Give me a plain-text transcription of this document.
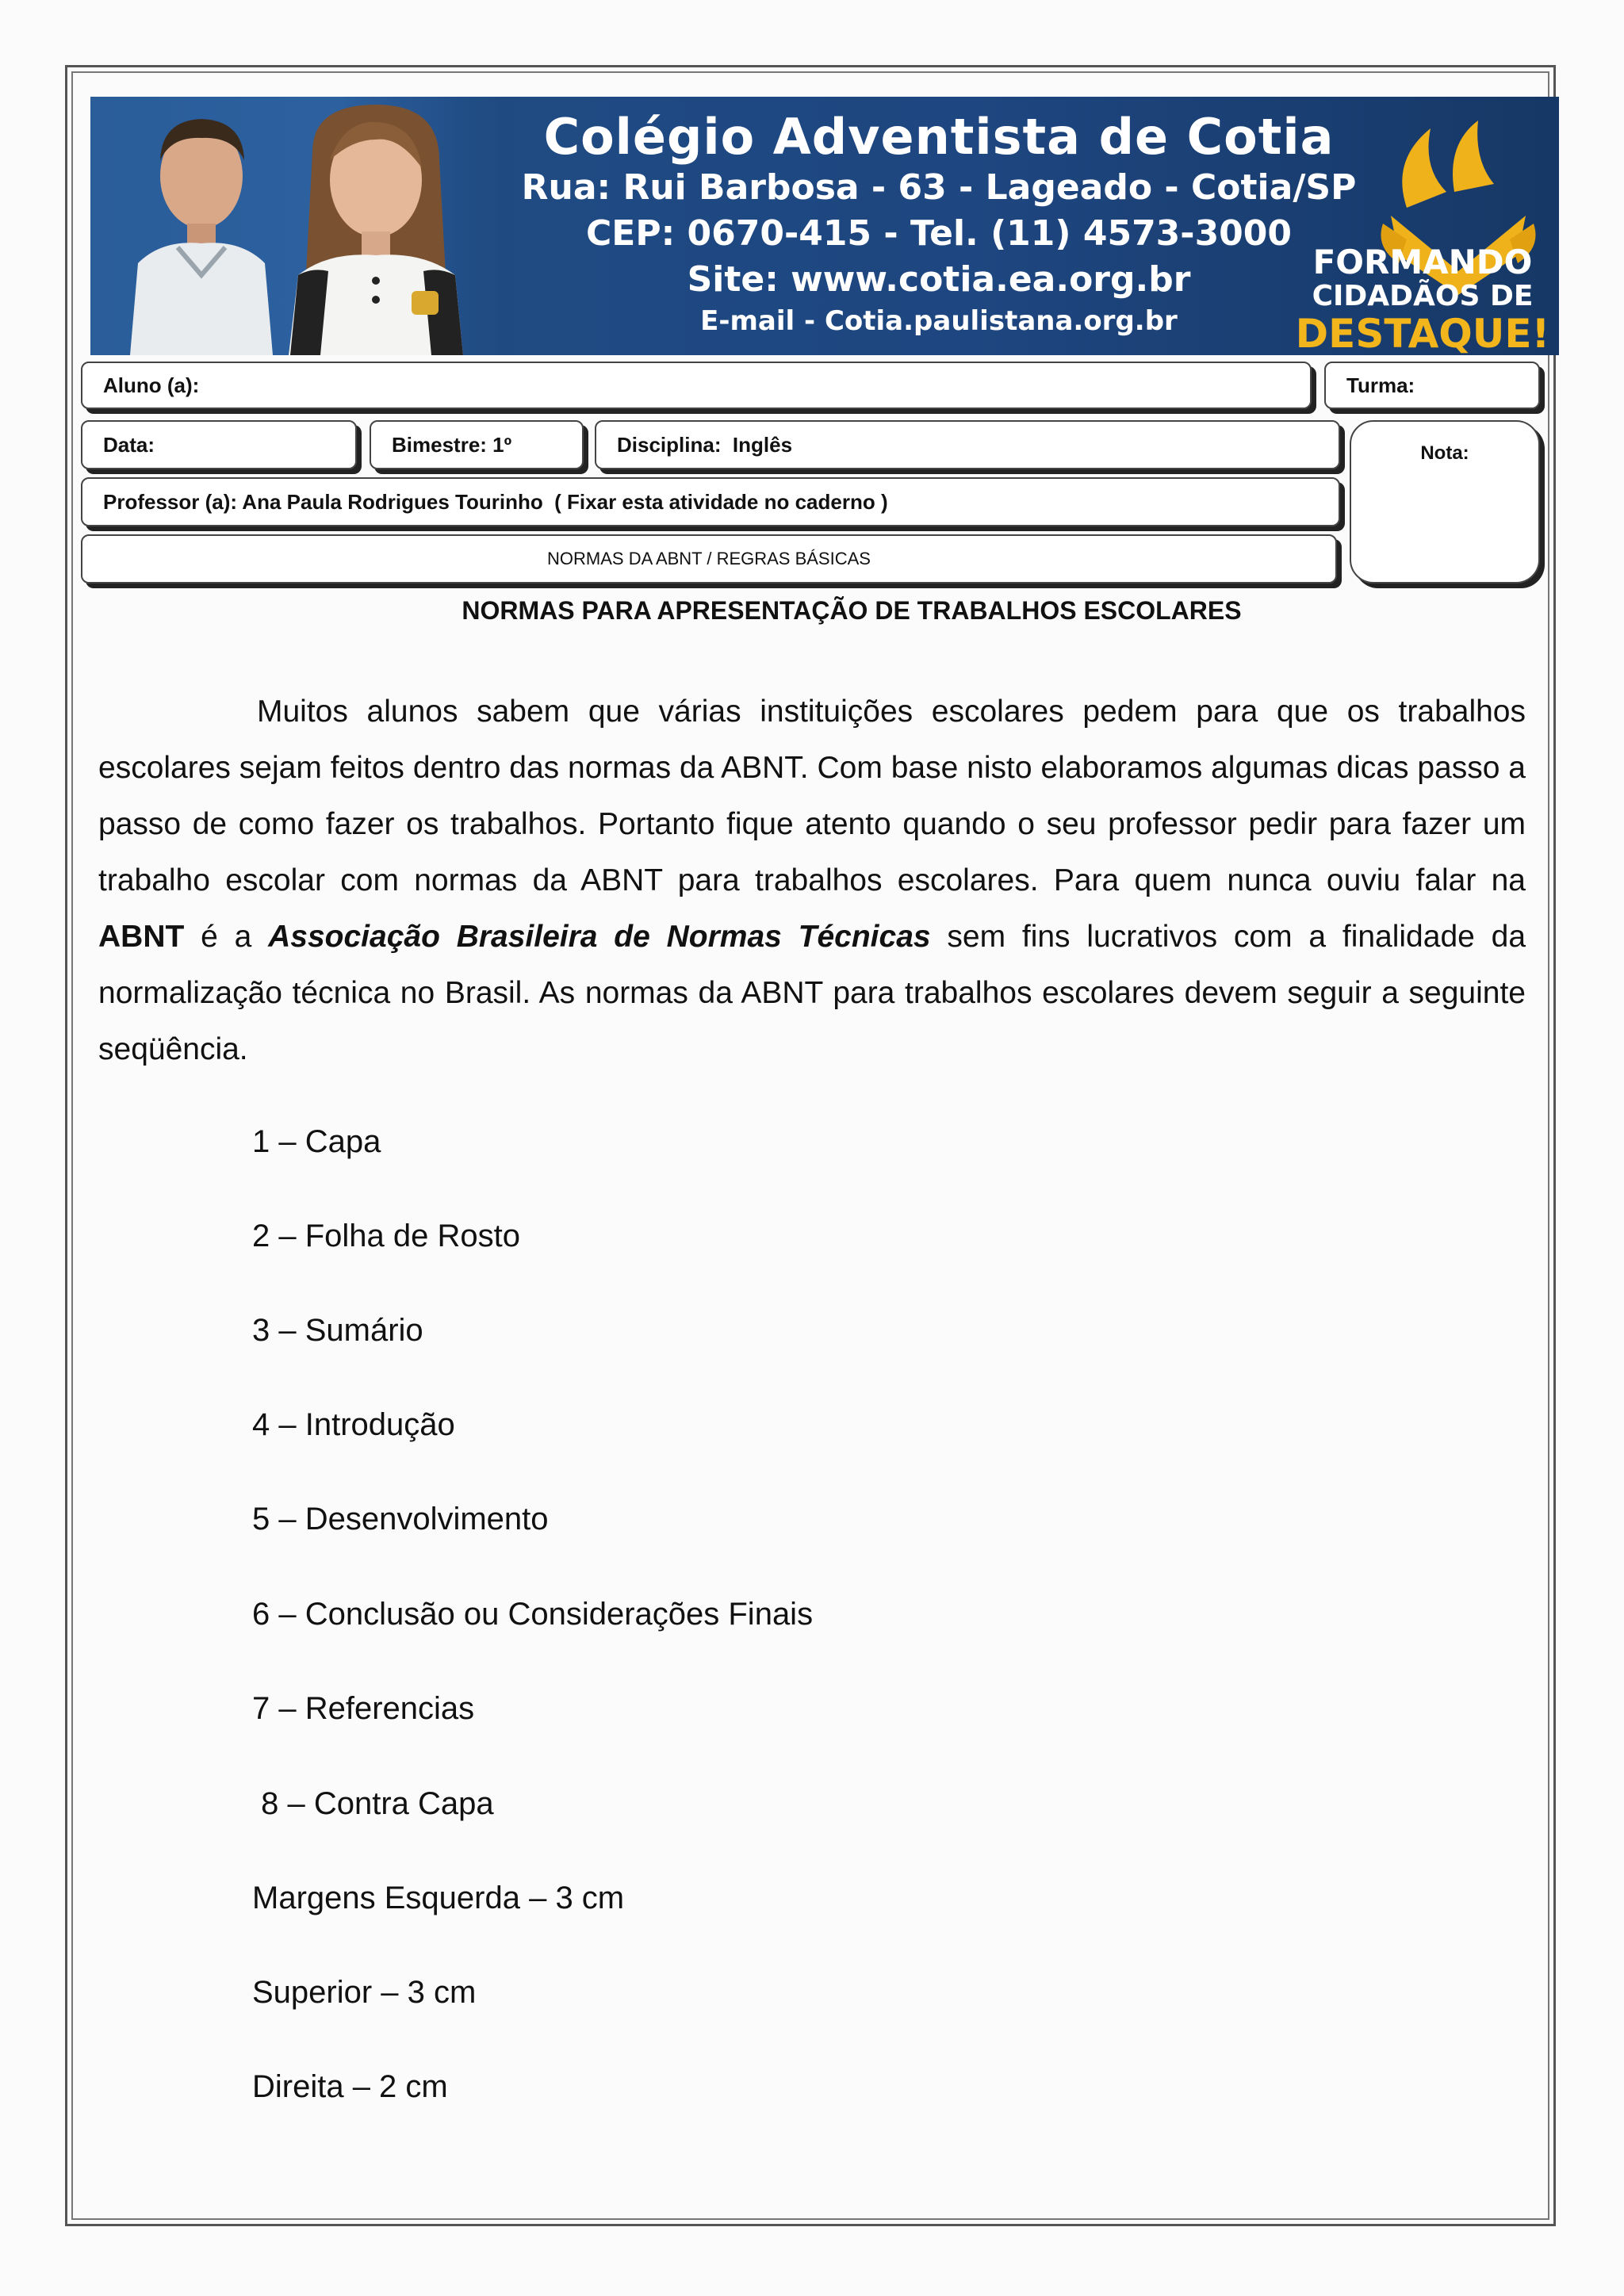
Colégio Adventista de Cotia
Rua: Rui Barbosa - 63 - Lageado - Cotia/SP
CEP: 0670-415 - Tel. (11) 4573-3000
Site: www.cotia.ea.org.br
E-mail - Cotia.paulistana.org.br
FORMANDO
CIDADÃOS DE
DESTAQUE!
Aluno (a):	Turma:
Data:	Bimestre: 1º	Disciplina:  Inglês	Nota:
Professor (a): Ana Paula Rodrigues Tourinho  ( Fixar esta atividade no caderno )
NORMAS DA ABNT / REGRAS BÁSICAS
NORMAS PARA APRESENTAÇÃO DE TRABALHOS ESCOLARES
Muitos alunos sabem que várias instituições escolares pedem para que os trabalhos escolares sejam feitos dentro das normas da ABNT. Com base nisto elaboramos algumas dicas passo a passo de como fazer os trabalhos. Portanto fique atento quando o seu professor pedir para fazer um trabalho escolar com normas da ABNT para trabalhos escolares. Para quem nunca ouviu falar na ABNT é a Associação Brasileira de Normas Técnicas sem fins lucrativos com a finalidade da normalização técnica no Brasil. As normas da ABNT para trabalhos escolares devem seguir a seguinte seqüência.
1 – Capa
2 – Folha de Rosto
3 – Sumário
4 – Introdução
5 – Desenvolvimento
6 – Conclusão ou Considerações Finais
7 – Referencias
8 – Contra Capa
Margens Esquerda – 3 cm
Superior – 3 cm
Direita – 2 cm
